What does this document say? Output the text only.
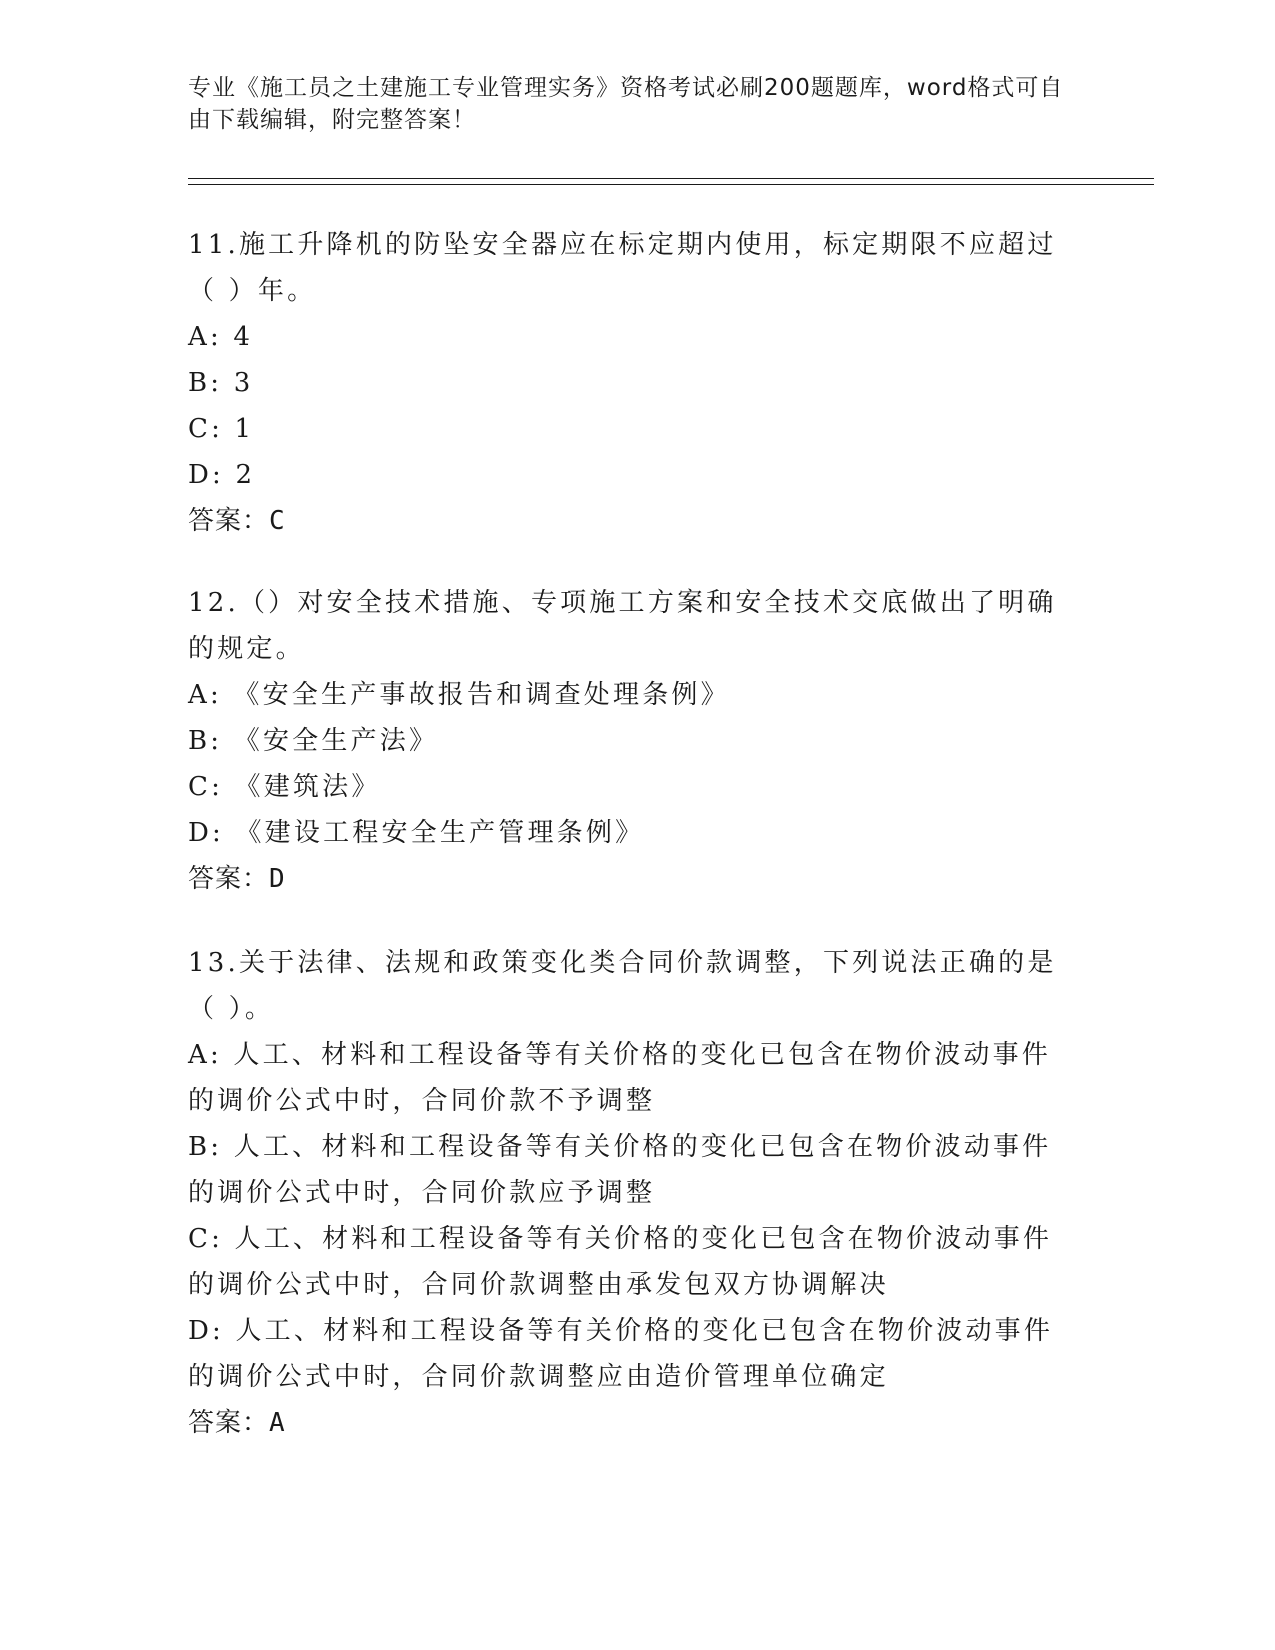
专业《施工员之土建施工专业管理实务》资格考试必刷200题题库，word格式可自由下载编辑，附完整答案！
11.施工升降机的防坠安全器应在标定期内使用，标定期限不应超过（ ）年。
A: 4
B: 3
C: 1
D: 2
答案：C
12.（）对安全技术措施、专项施工方案和安全技术交底做出了明确的规定。
A: 《安全生产事故报告和调查处理条例》
B: 《安全生产法》
C: 《建筑法》
D: 《建设工程安全生产管理条例》
答案：D
13.关于法律、法规和政策变化类合同价款调整，下列说法正确的是（ ）。
A: 人工、材料和工程设备等有关价格的变化已包含在物价波动事件的调价公式中时，合同价款不予调整
B: 人工、材料和工程设备等有关价格的变化已包含在物价波动事件的调价公式中时，合同价款应予调整
C: 人工、材料和工程设备等有关价格的变化已包含在物价波动事件的调价公式中时，合同价款调整由承发包双方协调解决
D: 人工、材料和工程设备等有关价格的变化已包含在物价波动事件的调价公式中时，合同价款调整应由造价管理单位确定
答案：A
